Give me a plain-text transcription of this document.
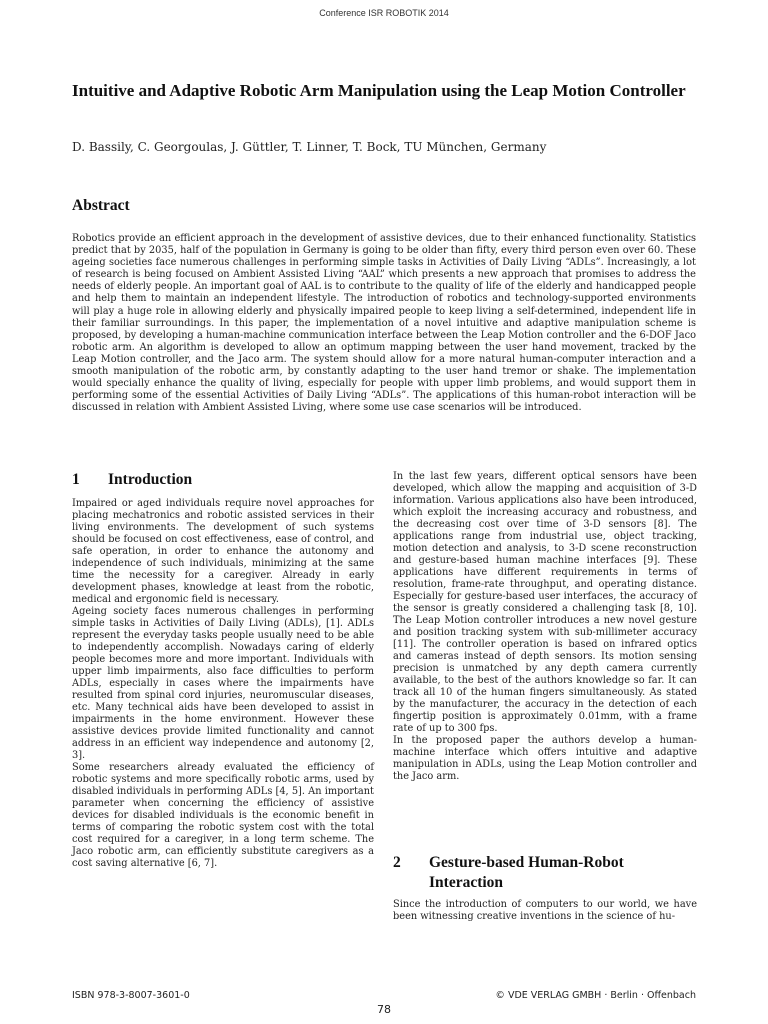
Conference ISR ROBOTIK 2014
Intuitive and Adaptive Robotic Arm Manipulation using the Leap Motion Controller
D. Bassily, C. Georgoulas, J. Güttler, T. Linner, T. Bock, TU München, Germany
Abstract
Robotics provide an efficient approach in the development of assistive devices, due to their enhanced functionality. Statistics predict that by 2035, half of the population in Germany is going to be older than fifty, every third person even over 60. These ageing societies face numerous challenges in performing simple tasks in Activities of Daily Living “ADLs”. Increasingly, a lot of research is being focused on Ambient Assisted Living “AAL” which presents a new approach that promises to address the needs of elderly people. An important goal of AAL is to contribute to the quality of life of the elderly and handicapped people and help them to maintain an independent lifestyle. The introduction of robotics and technology-supported environments will play a huge role in allowing elderly and physically impaired people to keep living a self-determined, independent life in their familiar surroundings. In this paper, the implementation of a novel intuitive and adaptive manipulation scheme is proposed, by developing a human-machine communication interface between the Leap Motion controller and the 6-DOF Jaco robotic arm. An algorithm is developed to allow an optimum mapping between the user hand movement, tracked by the Leap Motion controller, and the Jaco arm. The system should allow for a more natural human-computer interaction and a smooth manipulation of the robotic arm, by constantly adapting to the user hand tremor or shake. The implementation would specially enhance the quality of living, especially for people with upper limb problems, and would support them in performing some of the essential Activities of Daily Living “ADLs”. The applications of this human-robot interaction will be discussed in relation with Ambient Assisted Living, where some use case scenarios will be introduced.
1 Introduction

Impaired or aged individuals require novel approaches for placing mechatronics and robotic assisted services in their living environments. The development of such systems should be focused on cost effectiveness, ease of control, and safe operation, in order to enhance the autonomy and independence of such individuals, minimizing at the same time the necessity for a caregiver. Already in early development phases, knowledge at least from the robotic, medical and ergonomic field is necessary.

Ageing society faces numerous challenges in performing simple tasks in Activities of Daily Living (ADLs), [1]. ADLs represent the everyday tasks people usually need to be able to independently accomplish. Nowadays caring of elderly people becomes more and more important. Individuals with upper limb impairments, also face difficulties to perform ADLs, especially in cases where the impairments have resulted from spinal cord injuries, neuromuscular diseases, etc. Many technical aids have been developed to assist in impairments in the home environment. However these assistive devices provide limited functionality and cannot address in an efficient way independence and autonomy [2, 3].

Some researchers already evaluated the efficiency of robotic systems and more specifically robotic arms, used by disabled individuals in performing ADLs [4, 5]. An important parameter when concerning the efficiency of assistive devices for disabled individuals is the economic benefit in terms of comparing the robotic system cost with the total cost required for a caregiver, in a long term scheme. The Jaco robotic arm, can efficiently substitute caregivers as a cost saving alternative [6, 7].

In the last few years, different optical sensors have been developed, which allow the mapping and acquisition of 3-D information. Various applications also have been introduced, which exploit the increasing accuracy and robustness, and the decreasing cost over time of 3-D sensors [8]. The applications range from industrial use, object tracking, motion detection and analysis, to 3-D scene reconstruction and gesture-based human machine interfaces [9]. These applications have different requirements in terms of resolution, frame-rate throughput, and operating distance. Especially for gesture-based user interfaces, the accuracy of the sensor is greatly considered a challenging task [8, 10]. The Leap Motion controller introduces a new novel gesture and position tracking system with sub-millimeter accuracy [11]. The controller operation is based on infrared optics and cameras instead of depth sensors. Its motion sensing precision is unmatched by any depth camera currently available, to the best of the authors knowledge so far. It can track all 10 of the human fingers simultaneously. As stated by the manufacturer, the accuracy in the detection of each fingertip position is approximately 0.01mm, with a frame rate of up to 300 fps.

In the proposed paper the authors develop a human-machine interface which offers intuitive and adaptive manipulation in ADLs, using the Leap Motion controller and the Jaco arm.

2 Gesture-based Human-Robot Interaction

Since the introduction of computers to our world, we have been witnessing creative inventions in the science of hu-

ISBN 978-3-8007-3601-0	© VDE VERLAG GMBH · Berlin · Offenbach
78
